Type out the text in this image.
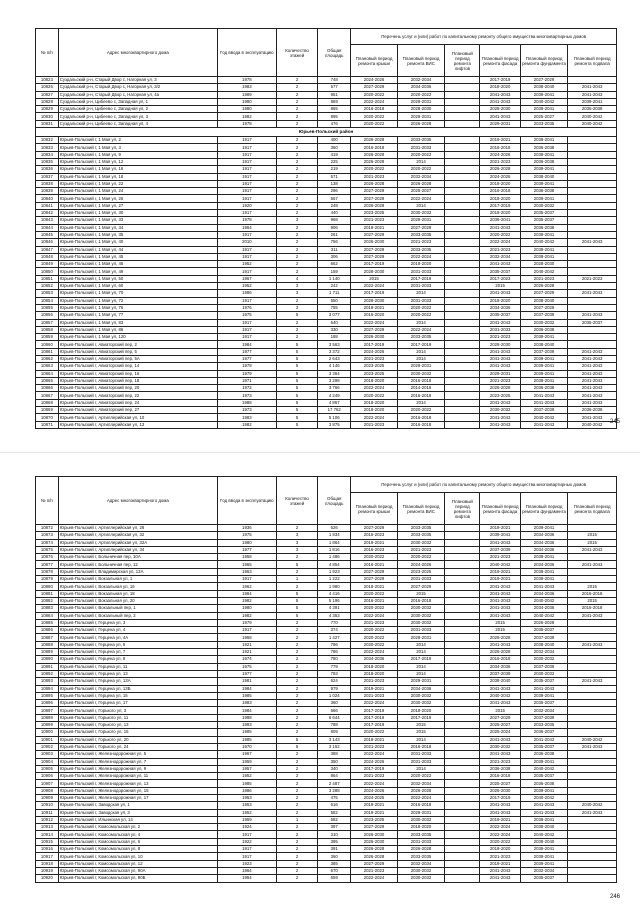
№ п/п	Адрес многоквартирного дома	Год ввода в эксплуатацию	Количество этажей	Общая площадь	Перечень услуг и (или) работ по капитальному ремонту общего имущества многоквартирных домов					
					Плановый период ремонта крыши	Плановый период ремонта ВИС	Плановый период ремонта лифтов	Плановый период ремонта фасада	Плановый период ремонта фундамента	Плановый период ремонта подвала
10823	Суздальский р-н, Старый Двор с, Нагорная ул, 3	1978	2	748	2024-2026	2032-2034		2017-2019	2027-2029	
10826	Суздальский р-н, Старый Двор с, Нагорная ул, 3/2	1983	2	577	2027-2029	2034-2036		2018-2020	2038-2040	2041-2043
10827	Суздальский р-н, Старый Двор с, Нагорная ул, 4а	1989	2	951	2020-2022	2020-2022		2041-2043	2039-2041	2041-2043
10828	Суздальский р-н, Цибеево с, Западная ул, 1	1980	2	869	2022-2024	2029-2031		2041-2043	2040-2042	2039-2041
10829	Суздальский р-н, Цибеево с, Западная ул, 2	1980	2	865	2016-2018	2028-2030		2028-2030	2039-2041	2036-2038
10830	Суздальский р-н, Цибеево с, Западная ул, 3	1982	2	895	2020-2022	2029-2031		2041-2043	2025-2027	2040-2042
10831	Суздальский р-н, Цибеево с, Западная ул, 4	1978	2	476	2020-2022	2026-2028		2029-2031	2033-2035	2040-2042
Юрьев-Польский район										
10832	Юрьев-Польский г, 1 Мая ул, 2	1917	2	400	2026-2028	2033-2035		2019-2021	2039-2041	
10833	Юрьев-Польский г, 1 Мая ул, 3	1917	2	360	2016-2018	2031-2033		2016-2018	2036-2038	
10834	Юрьев-Польский г, 1 Мая ул, 9	1917	2	419	2026-2028	2020-2022		2024-2026	2039-2041	
10835	Юрьев-Польский г, 1 Мая ул, 12	1917	2	225	2026-2028	2014		2021-2023	2036-2038	
10836	Юрьев-Польский г, 1 Мая ул, 16	1917	2	219	2020-2022	2020-2022		2026-2028	2039-2041	
10837	Юрьев-Польский г, 1 Мая ул, 18	1917	2	571	2021-2023	2032-2034		2024-2026	2038-2040	
10838	Юрьев-Польский г, 1 Мая ул, 22	1917	2	138	2026-2028	2026-2028		2018-2020	2039-2041	
10839	Юрьев-Польский г, 1 Мая ул, 24	1917	2	296	2027-2029	2025-2027		2016-2018	2036-2038	
10840	Юрьев-Польский г, 1 Мая ул, 26	1917	2	567	2027-2029	2022-2024		2018-2020	2039-2041	
10841	Юрьев-Польский г, 1 Мая ул, 27	1920	2	248	2026-2028	2014		2017-2019	2030-2032	
10842	Юрьев-Польский г, 1 Мая ул, 30	1917	2	440	2023-2025	2030-2032		2018-2020	2035-2037	
10843	Юрьев-Польский г, 1 Мая ул, 33	1978	3	968	2021-2023	2029-2031		2036-2041	2035-2037	
10844	Юрьев-Польский г, 1 Мая ул, 34	1964	2	906	2019-2021	2027-2029		2041-2043	2036-2038	
10845	Юрьев-Польский г, 1 Мая ул, 35	1917	2	261	2027-2029	2033-2035		2020-2022	2039-2041	
10846	Юрьев-Польский г, 1 Мая ул, 40	2010	2	756	2026-2030	2021-2023		2022-2024	2040-2042	2041-2043
10847	Юрьев-Польский г, 1 Мая ул, 44	1917	2	311	2027-2029	2033-2035		2021-2023	2039-2041	
10848	Юрьев-Польский г, 1 Мая ул, 45	1917	2	306	2027-2029	2022-2024		2032-2034	2039-2041	
10849	Юрьев-Польский г, 1 Мая ул, 46	1952	2	662	2017-2019	2018-2020		2041-2043	2028-2030	
10850	Юрьев-Польский г, 1 Мая ул, 49	1917	2	159	2028-2030	2031-2033		2035-2037	2040-2042	
10851	Юрьев-Польский г, 1 Мая ул, 50	1967	4	1 140	2015	2017-2019		2017-2023	2021-2023	2021-2023
10852	Юрьев-Польский г, 1 Мая ул, 60	1952	3	242	2022-2024	2031-2033		2015	2026-2028	
10853	Юрьев-Польский г, 1 Мая ул, 70	1986	3	1 711	2017-2019	2014		2041-2043	2027-2029	2041-2043
10854	Юрьев-Польский г, 1 Мая ул, 72	1917	2	550	2028-2030	2031-2033		2018-2020	2038-2040	
10855	Юрьев-Польский г, 1 Мая ул, 76	1976	3	755	2019-2021	2020-2022		2034-2036	2027-2029	
10856	Юрьев-Польский г, 1 Мая ул, 77	1975	5	3 077	2016-2020	2020-2022		2035-2037	2037-2039	2041-2043
10857	Юрьев-Польский г, 1 Мая ул, 83	1917	2	640	2022-2024	2014		2041-2043	2030-2032	2035-2037
10858	Юрьев-Польский г, 1 Мая ул, 86	1917	2	330	2027-2029	2022-2024		2031-2033	2036-2038	
10859	Юрьев-Польский г, 1 Мая ул, 120	1917	2	188	2026-2030	2033-2035		2021-2023	2039-2041	
10860	Юрьев-Польский г, Авиаторский пер, 2	1984	5	3 563	2017-2019	2017-2019		2028-2030	2038-2040	
10861	Юрьев-Польский г, Авиаторский пер, 5	1977	5	3 372	2024-2026	2014		2041-2043	2037-2039	2041-2043
10862	Юрьев-Польский г, Авиаторский пер, 5А	1977	5	2 643	2021-2023	2014		2041-2043	2039-2041	2041-2043
10863	Юрьев-Польский г, Авиаторский пер, 14	1978	5	4 146	2023-2025	2029-2031		2041-2043	2039-2041	2041-2043
10864	Юрьев-Польский г, Авиаторский пер, 16	1979	5	3 364	2023-2025	2030-2032		2029-2031	2039-2041	2041-2043
10865	Юрьев-Польский г, Авиаторский пер, 18	1971	5	3 298	2018-2020	2016-2018		2021-2023	2039-2041	2041-2043
10866	Юрьев-Польский г, Авиаторский пер, 20	1972	5	3 766	2022-2024	2014-2016		2026-2028	2036-2038	2041-2043
10867	Юрьев-Польский г, Авиаторский пер, 22	1973	5	4 249	2020-2022	2016-2018		2023-2025	2041-2043	2041-2043
10868	Юрьев-Польский г, Авиаторский пер, 24	1988	5	4 867	2018-2020	2014		2041-2043	2041-2043	2041-2043
10869	Юрьев-Польский г, Авиаторский пер, 27	1973	5	17 762	2018-2020	2020-2022		2030-2032	2037-2039	2036-2038
10870	Юрьев-Польский г, Артиллерийская ул, 10	1983	5	5 106	2022-2024	2016-2018		2041-2043	2040-2042	2041-2043
10871	Юрьев-Польский г, Артиллерийская ул, 13	1982	5	3 875	2021-2023	2016-2018		2041-2043	2041-2043	2040-2042 245
№ п/п	Адрес многоквартирного дома	Год ввода в эксплуатацию	Количество этажей	Общая площадь	Перечень услуг и (или) работ по капитальному ремонту общего имущества многоквартирных домов					
					Плановый период ремонта крыши	Плановый период ремонта ВИС	Плановый период ремонта лифтов	Плановый период ремонта фасада	Плановый период ремонта фундамента	Плановый период ремонта подвала
10872	Юрьев-Польский г, Артиллерийская ул, 28	1936	2	626	2027-2029	2033-2035		2019-2021	2039-2041	
10873	Юрьев-Польский г, Артиллерийская ул, 32	1975	3	1 834	2016-2023	2033-2035		2039-2041	2034-2036	2015
10874	Юрьев-Польский г, Артиллерийская ул, 32А	1980	3	1 864	2019-2021	2030-2032		2041-2043	2034-2036	2015
10875	Юрьев-Польский г, Артиллерийская ул, 34	1977	3	1 816	2016-2023	2021-2023		2037-2039	2034-2036	2041-2043
10876	Юрьев-Польский г, Больничная пер, 10А	1958	2	1 486	2020-2022	2020-2022		2021-2023	2039-2041	
10877	Юрьев-Польский г, Больничная пер, 12	1965	5	4 854	2016-2021	2024-2026		2040-2042	2034-2036	2041-2043
10878	Юрьев-Польский г, Владимирская ул, 13А	1963	2	1 923	2027-2029	2023-2025		2019-2021	2039-2041	
10879	Юрьев-Польский г, Вокзальная ул, 1	1917	1	1 222	2027-2029	2031-2033		2019-2021	2039-2041	
10880	Юрьев-Польский г, Вокзальная ул, 16	1962	2	1 980	2018-2021	2027-2029		2041-2043	2041-2043	2015
10881	Юрьев-Польский г, Вокзальная ул, 18	1984	5	4 416	2020-2022	2015		2041-2043	2034-2036	2016-2018
10882	Юрьев-Польский г, Вокзальная ул, 20	1982	5	5 196	2016-2021	2016-2018		2041-2043	2040-2042	2015
10883	Юрьев-Польский г, Вокзальный пер, 1	1980	5	4 391	2020-2022	2030-2032		2041-2043	2034-2036	2016-2018
10884	Юрьев-Польский г, Вокзальный пер, 2	1982	5	4 353	2022-2024	2030-2032		2041-2043	2040-2042	2041-2043
10885	Юрьев-Польский г, Герцена ул, 3	1979	2	770	2021-2023	2030-2032		2015	2026-2028	
10886	Юрьев-Польский г, Герцена ул, 4	1917	2	374	2020-2022	2031-2033		2015	2035-2037	
10887	Юрьев-Польский г, Герцена ул, 4А	1968	2	1 427	2020-2022	2029-2031		2026-2028	2037-2039	
10888	Юрьев-Польский г, Герцена ул, 5	1921	2	786	2020-2022	2014		2041-2043	2038-2040	2041-2043
10889	Юрьев-Польский г, Герцена ул, 7	1921	2	786	2022-2024	2014		2026-2028	2032-2034	
10890	Юрьев-Польский г, Герцена ул, 8	1974	2	780	2034-2036	2017-2019		2016-2018	2030-2032	
10891	Юрьев-Польский г, Герцена ул, 11	1975	2	779	2018-2020	2014		2034-2036	2037-2039	
10892	Юрьев-Польский г, Герцена ул, 13	1977	2	793	2018-2020	2014		2037-2039	2030-2032	
10893	Юрьев-Польский г, Герцена ул, 13А	1981	2	624	2021-2023	2029-2031		2038-2040	2035-2037	2041-2043
10894	Юрьев-Польский г, Герцена ул, 13Б	1984	2	979	2019-2021	2034-2036		2041-2043	2041-2043	
10895	Юрьев-Польский г, Герцена ул, 15	1985	2	1 024	2021-2023	2030-2032		2040-2042	2039-2041	
10896	Юрьев-Польский г, Герцена ул, 17	1983	2	360	2022-2024	2030-2032		2041-2043	2035-2037	
10897	Юрьев-Польский г, Горького ул, 3	1984	2	666	2017-2019	2018-2020		2015	2032-2034	
10898	Юрьев-Польский г, Горького ул, 11	1988	2	6 644	2017-2019	2017-2019		2027-2029	2037-2039	
10899	Юрьев-Польский г, Горького ул, 13	1993	2	788	2017-2019	2015		2025-2027	2033-2035	
10900	Юрьев-Польский г, Горького ул, 15	1985	2	809	2020-2022	2015		2025-2024	2036-2037	
10901	Юрьев-Польский г, Горького ул, 20	1985	5	3 143	2019-2021	2014		2041-2043	2041-2043	2040-2042
10902	Юрьев-Польский г, Горького ул, 24	1970	5	3 152	2021-2023	2016-2018		2030-2032	2035-2037	2041-2043
10903	Юрьев-Польский г, Железнодорожная ул, 5	1967	2	388	2022-2024	2031-2033		2041-2043	2036-2038	
10904	Юрьев-Польский г, Железнодорожная ул, 7	1959	2	350	2024-2026	2031-2033		2021-2023	2039-2041	
10905	Юрьев-Польский г, Железнодорожная ул, 9	1957	2	340	2017-2019	2014		2036-2038	2040-2042	
10906	Юрьев-Польский г, Железнодорожная ул, 11	1952	2	864	2021-2023	2020-2022		2016-2018	2035-2037	
10907	Юрьев-Польский г, Железнодорожная ул, 13	1985	2	2 487	2022-2024	2032-2034		2025-2027	2036-2038	
10908	Юрьев-Польский г, Железнодорожная ул, 15	1986	2	3 288	2024-2026	2026-2028		2026-2030	2039-2041	
10909	Юрьев-Польский г, Железнодорожная ул, 17	1963	2	475	2024-2025	2022-2024		2017-2019	2040-2042	
10910	Юрьев-Польский г, Заводская ул, 1	1953	2	516	2019-2021	2016-2019		2041-2043	2041-2043	2040-2042
10911	Юрьев-Польский г, Заводская ул, 3	1952	2	582	2019-2021	2029-2031		2041-2043	2041-2043	2041-2043
10912	Юрьев-Польский г, Ильинская ул, 14	1959	1	582	2023-2025	2030-2032		2019-2021	2039-2041	
10913	Юрьев-Польский г, Комсомольская ул, 2	1924	2	397	2027-2029	2018-2020		2022-2024	2038-2040	
10914	Юрьев-Польский г, Комсомольская ул, 4	1917	2	310	2026-2030	2033-2035		2022-2024	2040-2042	
10915	Юрьев-Польский г, Комсомольская ул, 6	1922	2	395	2026-2030	2031-2033		2020-2022	2038-2040	
10916	Юрьев-Польский г, Комсомольская ул, 8	1917	2	391	2026-2028	2026-2028		2018-2020	2039-2041	
10917	Юрьев-Польский г, Комсомольская ул, 10	1917	2	360	2026-2028	2033-2035		2021-2023	2039-2041	
10918	Юрьев-Польский г, Комсомольская ул, 12	1923	2	385	2027-2029	2032-2034		2019-2021	2039-2041	
10919	Юрьев-Польский г, Комсомольская ул, 90А	1964	2	670	2021-2023	2030-2032		2041-2043	2032-2034	
10920	Юрьев-Польский г, Комсомольская ул, 90Б	1964	2	659	2022-2024	2030-2032		2041-2043	2035-2037	
246
